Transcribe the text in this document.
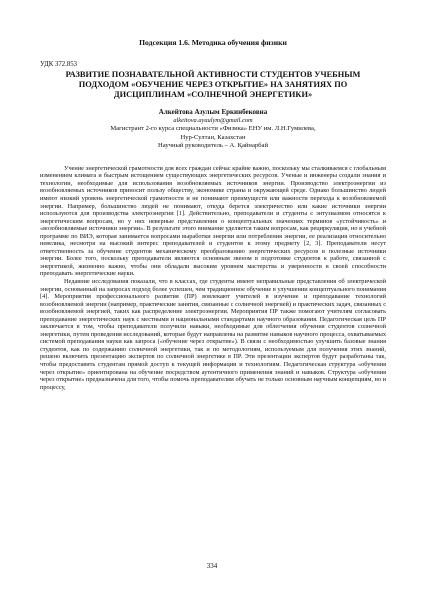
Подсекция 1.6. Методика обучения физики
УДК 372.853
РАЗВИТИЕ ПОЗНАВАТЕЛЬНОЙ АКТИВНОСТИ СТУДЕНТОВ УЧЕБНЫМ
ПОДХОДОМ «ОБУЧЕНИЕ ЧЕРЕЗ ОТКРЫТИЕ» НА ЗАНЯТИЯХ ПО
ДИСЦИПЛИНАМ «СОЛНЕЧНОЙ ЭНЕРГЕТИКИ»
Алкейтова Азулым Еркинбековна
alkeitova.ayaulym@gmail.com
Магистрант 2-го курса специальности «Физика» ЕНУ им. Л.Н.Гумилева,
Нур-Султан, Казахстан
Научный руководитель – А. Қайнарбай

Учение энергетической грамотности для всех граждан сейчас крайне важно, поскольку мы сталкиваемся с глобальным изменением климата и быстрым истощением существующих энергетических ресурсов. Ученые и инженеры создали знания и технологии, необходимые для использования возобновляемых источников энергии. Производство электроэнергии из возобновляемых источников приносит пользу обществу, экономике страны и окружающей среде. Однако большинство людей имеют низкий уровень энергетической грамотности и не понимают преимуществ или важности перехода к возобновляемой энергии. Например, большинство людей не понимают, откуда берется электричество или какие источники энергии используются для производства электроэнергии [1]. Действительно, преподаватели и студенты с энтузиазмом относятся к энергетическим вопросам, но у них неверные представления о концептуальных значениях терминов «устойчивость» и «возобновляемые источники энергии». В результате этого внимание уделяется таким вопросам, как рециркуляция, но в учебной программе по ВИЭ, которая занимается вопросами выработки энергии или потребления энергии, ее реализация относительно невелика, несмотря на высокий интерес преподавателей и студентов к этому предмету [2, 3]. Преподаватели несут ответственность за обучение студентов механическому преобразованию энергетических ресурсов в полезные источники энергии. Более того, поскольку преподаватели являются основным звеном в подготовке студентов к работе, связанной с энергетикой, жизненно важно, чтобы они обладали высоким уровнем мастерства и уверенности в своей способности преподавать энергетические науки.

Недавние исследования показали, что в классах, где студенты имеют неправильные представления об электрической энергии, основанный на запросах подход более успешен, чем традиционное обучение в улучшении концептуального понимания [4]. Мероприятия профессионального развития (ПР) вовлекают учителей в изучение и преподавание технологий возобновляемой энергии (например, практические занятия, связанные с солнечной энергией) и практических задач, связанных с возобновляемой энергией, таких как распределение электроэнергии. Мероприятия ПР также помогают учителям согласовать преподавание энергетических наук с местными и национальными стандартами научного образования. Педагогическая цель ПР заключается в том, чтобы преподаватели получили навыки, необходимые для облегчения обучения студентов солнечной энергетики, путем проведения исследований, которые будут направлены на развитие навыков научного процесса, охватываемых системой преподавания науки как запроса («обучение через открытие»). В связи с необходимостью улучшить базовые знания студентов, как по содержанию солнечной энергетики, так и по методологиям, используемым для получения этих знаний, решено включить презентацию экспертов по солнечной энергетике в ПР. Эти презентации экспертов будут разработаны так, чтобы предоставить студентам прямой доступ к текущей информации и технологиям. Педагогическая структура «обучения через открытие» ориентирована на обучение посредством аутентичного применения знаний и навыков. Структура «обучения через открытие» предназначена для того, чтобы помочь преподавателям обучать не только основным научным концепциям, но и процессу,

334
